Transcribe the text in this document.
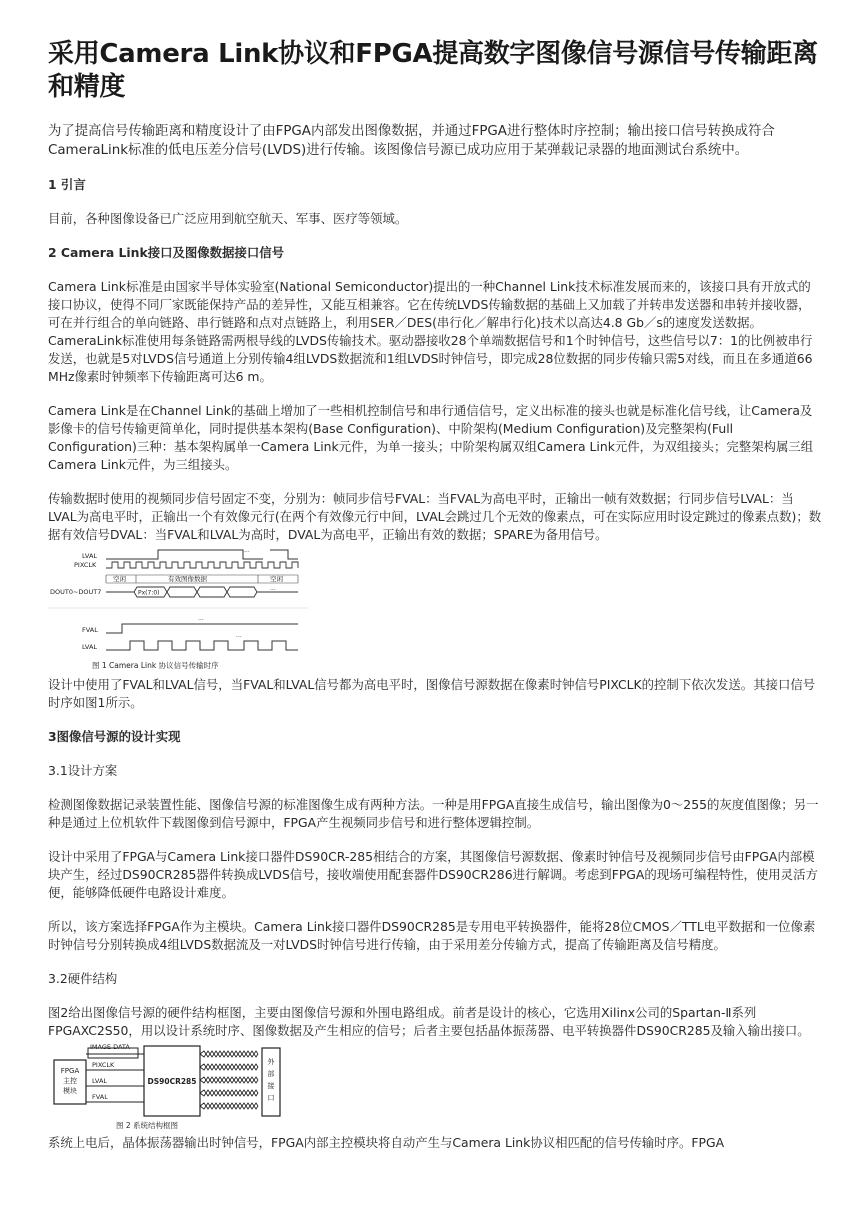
采用Camera Link协议和FPGA提高数字图像信号源信号传输距离和精度

为了提高信号传输距离和精度设计了由FPGA内部发出图像数据，并通过FPGA进行整体时序控制；输出接口信号转换成符合CameraLink标准的低电压差分信号(LVDS)进行传输。该图像信号源已成功应用于某弹载记录器的地面测试台系统中。

1 引言

目前，各种图像设备已广泛应用到航空航天、军事、医疗等领域。

2 Camera Link接口及图像数据接口信号

Camera Link标准是由国家半导体实验室(National Semiconductor)提出的一种Channel Link技术标准发展而来的，该接口具有开放式的接口协议，使得不同厂家既能保持产品的差异性，又能互相兼容。它在传统LVDS传输数据的基础上又加载了并转串发送器和串转并接收器，可在并行组合的单向链路、串行链路和点对点链路上，利用SER／DES(串行化／解串行化)技术以高达4.8 Gb／s的速度发送数据。CameraLink标准使用每条链路需两根导线的LVDS传输技术。驱动器接收28个单端数据信号和1个时钟信号，这些信号以7：1的比例被串行发送，也就是5对LVDS信号通道上分别传输4组LVDS数据流和1组LVDS时钟信号，即完成28位数据的同步传输只需5对线，而且在多通道66 MHz像素时钟频率下传输距离可达6 m。

Camera Link是在Channel Link的基础上增加了一些相机控制信号和串行通信信号，定义出标准的接头也就是标准化信号线，让Camera及影像卡的信号传输更简单化，同时提供基本架构(Base Configuration)、中阶架构(Medium Configuration)及完整架构(Full Configuration)三种：基本架构属单一Camera Link元件，为单一接头；中阶架构属双组Camera Link元件，为双组接头；完整架构属三组Camera Link元件，为三组接头。

传输数据时使用的视频同步信号固定不变，分别为：帧同步信号FVAL：当FVAL为高电平时，正输出一帧有效数据；行同步信号LVAL：当LVAL为高电平时，正输出一个有效像元行(在两个有效像元行中间，LVAL会跳过几个无效的像素点，可在实际应用时设定跳过的像素点数)；数据有效信号DVAL：当FVAL和LVAL为高时，DVAL为高电平，正输出有效的数据；SPARE为备用信号。

LVAL
PIXCLK
DOUT0~DOUT7
FVAL
LVAL
...
空闲	有效图像数据	空闲
Px(7:0)
...
...
...
图 1 Camera Link 协议信号传输时序

设计中使用了FVAL和LVAL信号，当FVAL和LVAL信号都为高电平时，图像信号源数据在像素时钟信号PIXCLK的控制下依次发送。其接口信号时序如图1所示。

3图像信号源的设计实现

3.1设计方案

检测图像数据记录装置性能、图像信号源的标准图像生成有两种方法。一种是用FPGA直接生成信号，输出图像为0～255的灰度值图像；另一种是通过上位机软件下载图像到信号源中，FPGA产生视频同步信号和进行整体逻辑控制。

设计中采用了FPGA与Camera Link接口器件DS90CR-285相结合的方案，其图像信号源数据、像素时钟信号及视频同步信号由FPGA内部模块产生，经过DS90CR285器件转换成LVDS信号，接收端使用配套器件DS90CR286进行解调。考虑到FPGA的现场可编程特性，使用灵活方便，能够降低硬件电路设计难度。

所以，该方案选择FPGA作为主模块。Camera Link接口器件DS90CR285是专用电平转换器件，能将28位CMOS／TTL电平数据和一位像素时钟信号分别转换成4组LVDS数据流及一对LVDS时钟信号进行传输，由于采用差分传输方式，提高了传输距离及信号精度。

3.2硬件结构

图2给出图像信号源的硬件结构框图，主要由图像信号源和外围电路组成。前者是设计的核心，它选用Xilinx公司的Spartan-Ⅱ系列FPGAXC2S50，用以设计系统时序、图像数据及产生相应的信号；后者主要包括晶体振荡器、电平转换器件DS90CR285及输入输出接口。

FPGA
主控
模块
IMAGE DATA
PIXCLK
LVAL
FVAL
DS90CR285
外
部
接
口
图 2 系统结构框图

系统上电后，晶体振荡器输出时钟信号，FPGA内部主控模块将自动产生与Camera Link协议相匹配的信号传输时序。FPGA
